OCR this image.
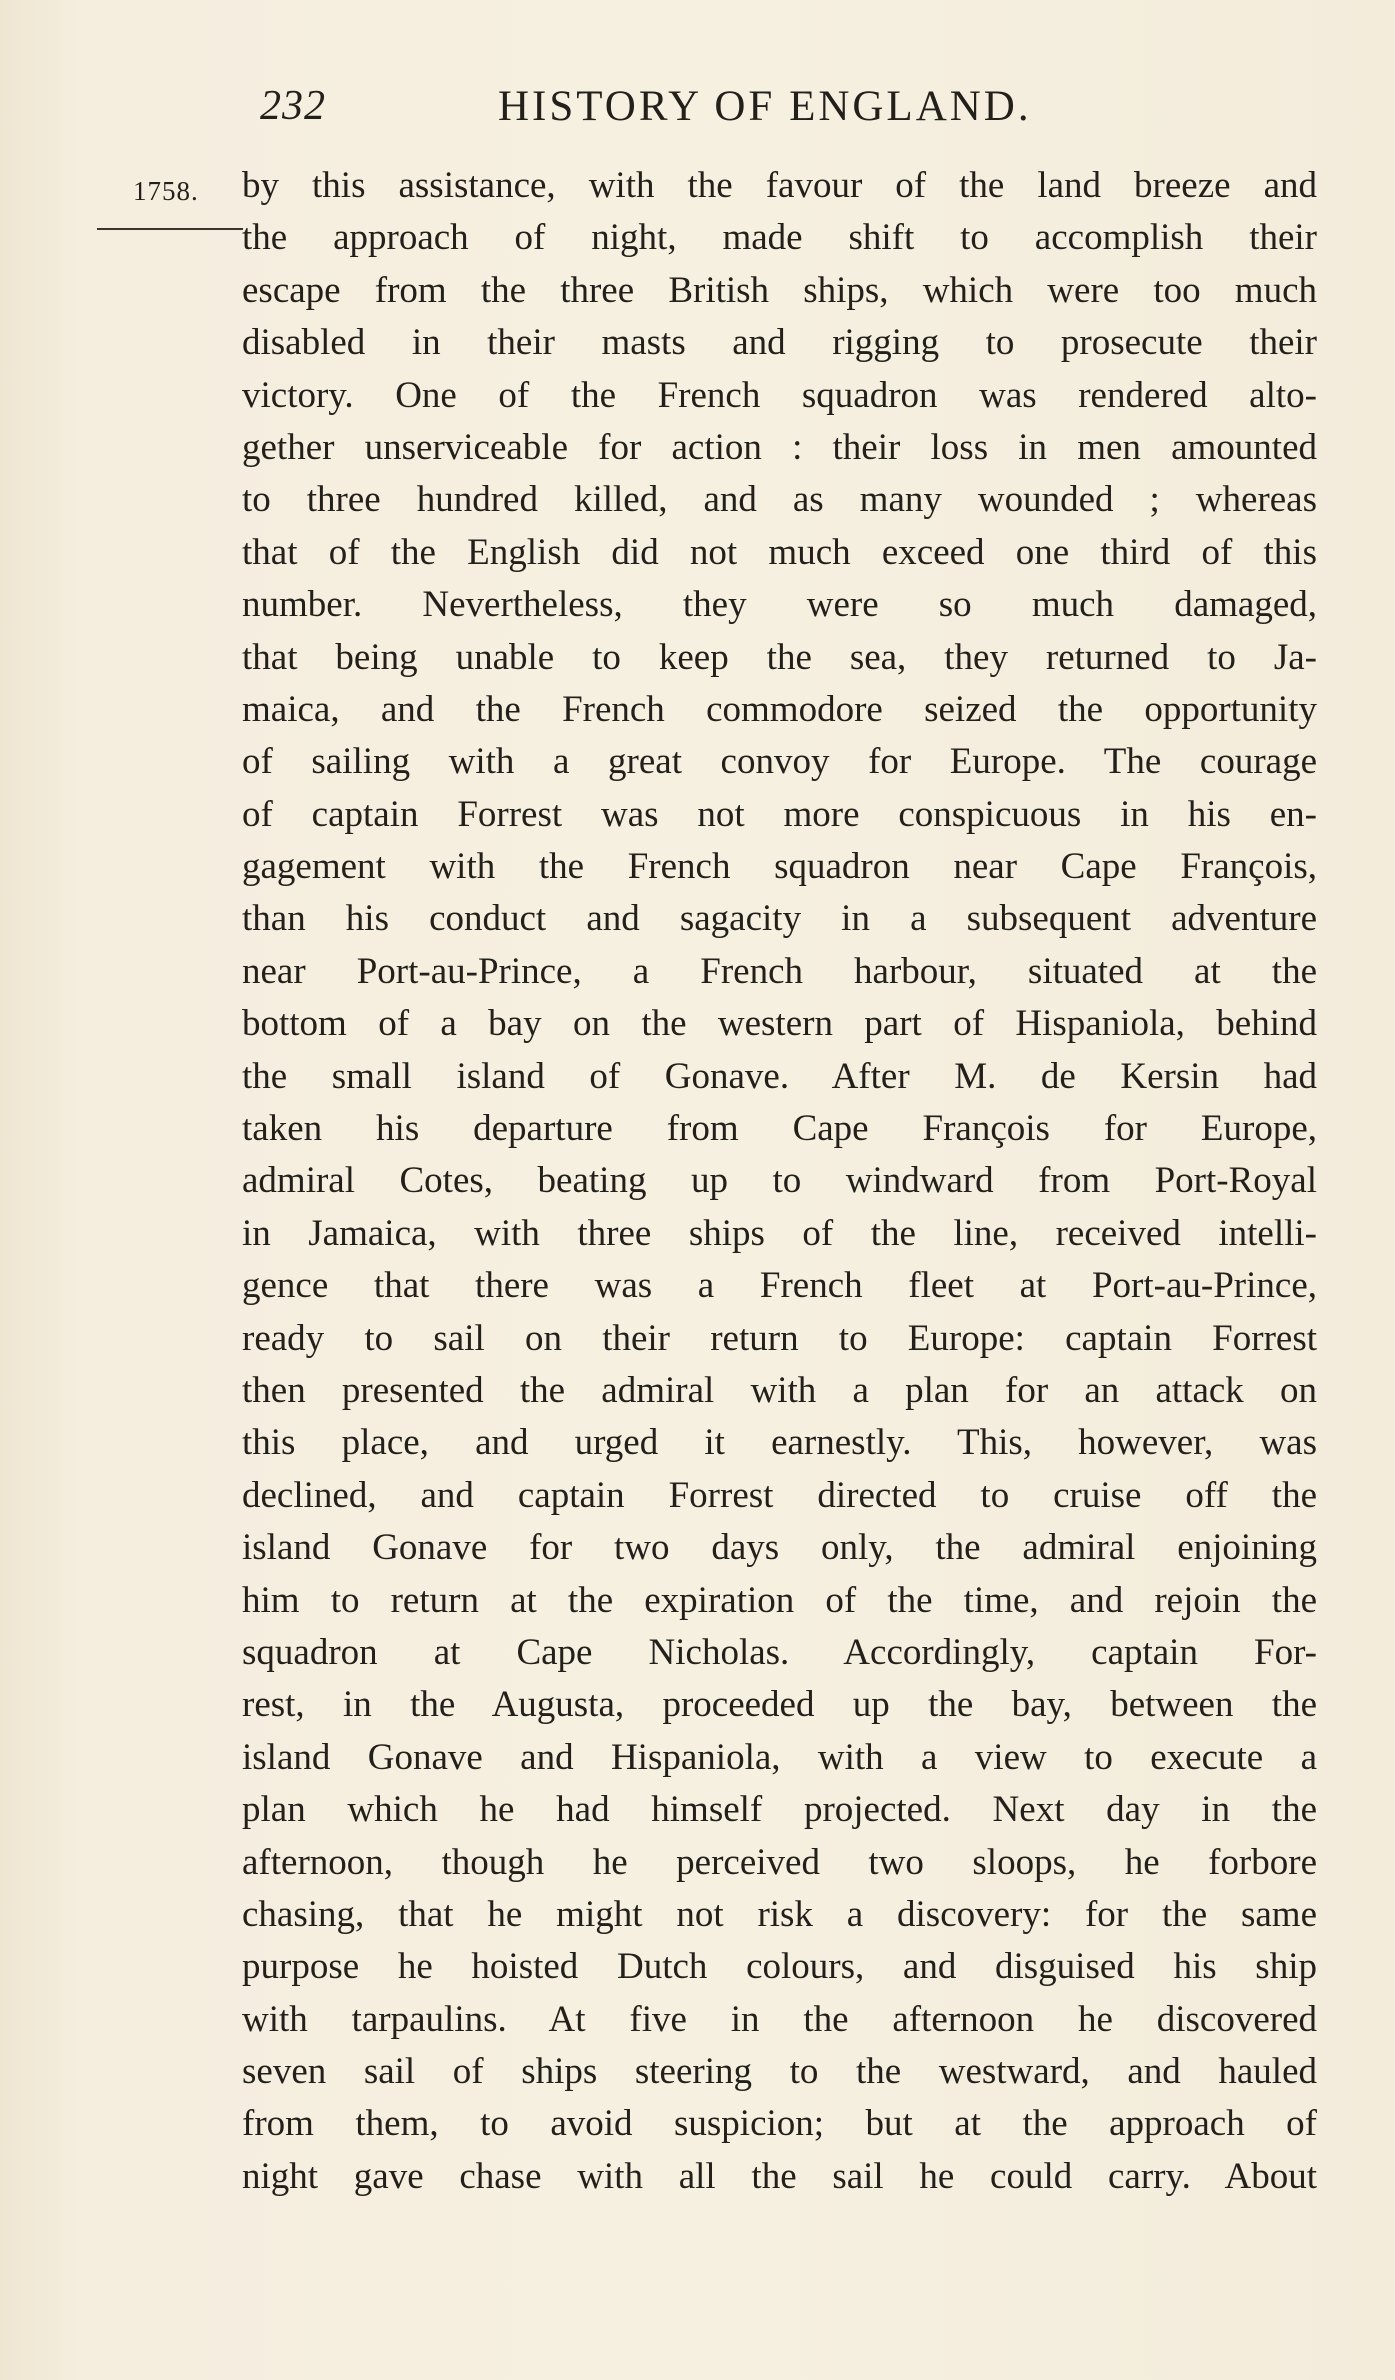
232	HISTORY OF ENGLAND.
1758. by this assistance, with the favour of the land breeze and
the approach of night, made shift to accomplish their
escape from the three British ships, which were too much
disabled in their masts and rigging to prosecute their
victory. One of the French squadron was rendered alto-
gether unserviceable for action : their loss in men amounted
to three hundred killed, and as many wounded ; whereas
that of the English did not much exceed one third of this
number. Nevertheless, they were so much damaged,
that being unable to keep the sea, they returned to Ja-
maica, and the French commodore seized the opportunity
of sailing with a great convoy for Europe. The courage
of captain Forrest was not more conspicuous in his en-
gagement with the French squadron near Cape François,
than his conduct and sagacity in a subsequent adventure
near Port-au-Prince, a French harbour, situated at the
bottom of a bay on the western part of Hispaniola, behind
the small island of Gonave. After M. de Kersin had
taken his departure from Cape François for Europe,
admiral Cotes, beating up to windward from Port-Royal
in Jamaica, with three ships of the line, received intelli-
gence that there was a French fleet at Port-au-Prince,
ready to sail on their return to Europe: captain Forrest
then presented the admiral with a plan for an attack on
this place, and urged it earnestly. This, however, was
declined, and captain Forrest directed to cruise off the
island Gonave for two days only, the admiral enjoining
him to return at the expiration of the time, and rejoin the
squadron at Cape Nicholas. Accordingly, captain For-
rest, in the Augusta, proceeded up the bay, between the
island Gonave and Hispaniola, with a view to execute a
plan which he had himself projected. Next day in the
afternoon, though he perceived two sloops, he forbore
chasing, that he might not risk a discovery: for the same
purpose he hoisted Dutch colours, and disguised his ship
with tarpaulins. At five in the afternoon he discovered
seven sail of ships steering to the westward, and hauled
from them, to avoid suspicion; but at the approach of
night gave chase with all the sail he could carry. About
